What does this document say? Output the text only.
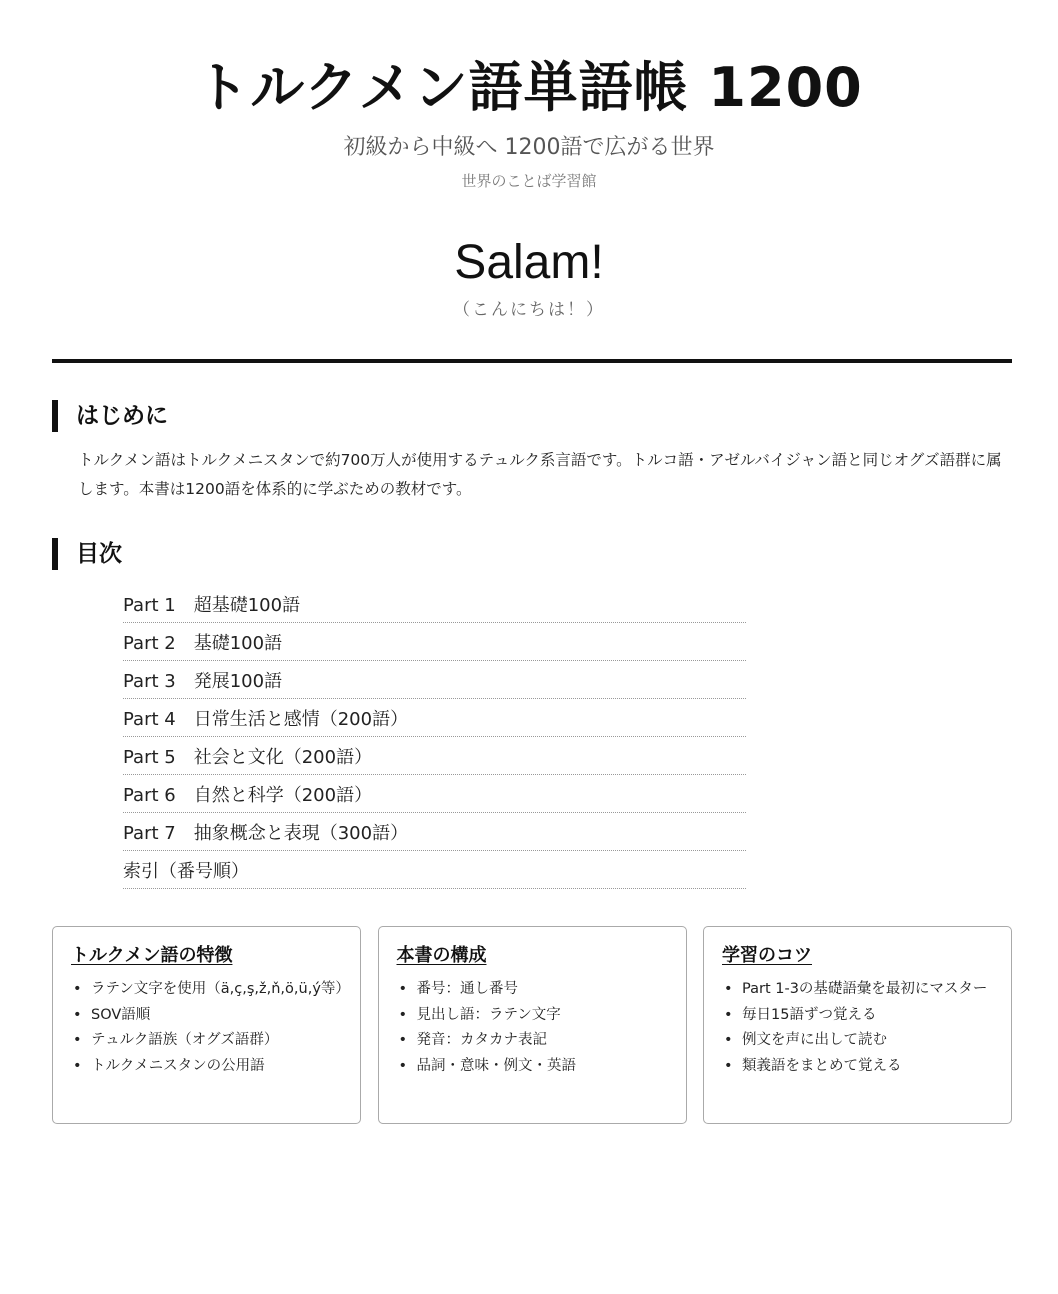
トルクメン語単語帳 1200
初級から中級へ 1200語で広がる世界
世界のことば学習館
Salam!
（こんにちは！）
はじめに

トルクメン語はトルクメニスタンで約700万人が使用するテュルク系言語です。トルコ語・アゼルバイジャン語と同じオグズ語群に属します。本書は1200語を体系的に学ぶための教材です。

目次
Part 1　超基礎100語
Part 2　基礎100語
Part 3　発展100語
Part 4　日常生活と感情（200語）
Part 5　社会と文化（200語）
Part 6　自然と科学（200語）
Part 7　抽象概念と表現（300語）
索引（番号順）
トルクメン語の特徴
• ラテン文字を使用（ä,ç,ş,ž,ň,ö,ü,ý等）
• SOV語順
• テュルク語族（オグズ語群）
• トルクメニスタンの公用語
本書の構成
• 番号：通し番号
• 見出し語：ラテン文字
• 発音：カタカナ表記
• 品詞・意味・例文・英語
学習のコツ
• Part 1-3の基礎語彙を最初にマスター
• 毎日15語ずつ覚える
• 例文を声に出して読む
• 類義語をまとめて覚える
